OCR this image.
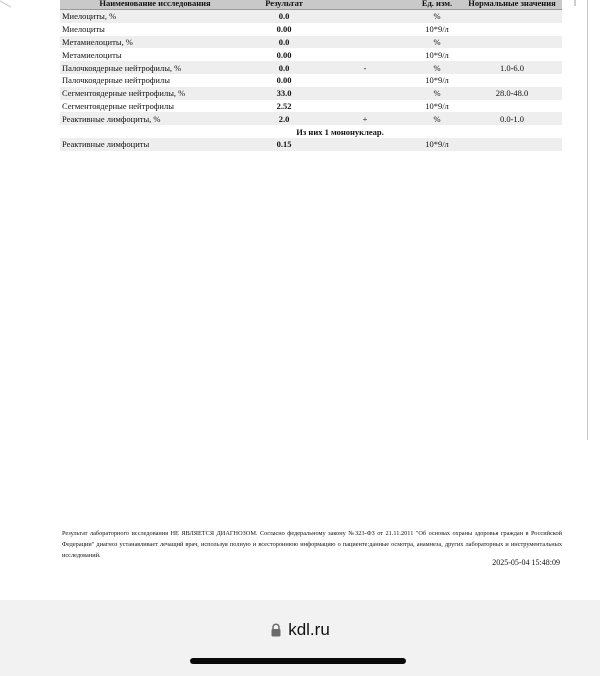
Наименование исследования	Результат		Ед. изм.	Нормальные значения
Миелоциты, %	0.0		%	
Миелоциты	0.00		10*9/л	
Метамиелоциты, %	0.0		%	
Метамиелоциты	0.00		10*9/л	
Палочкоядерные нейтрофилы, %	0.0	-	%	1.0-6.0
Палочкоядерные нейтрофилы	0.00		10*9/л	
Сегментоядерные нейтрофилы, %	33.0		%	28.0-48.0
Сегментоядерные нейтрофилы	2.52		10*9/л	
Реактивные лимфоциты, %	2.0	+	%	0.0-1.0
Из них 1 мононуклеар.				
Реактивные лимфоциты	0.15		10*9/л	

Результат лабораторного исследования НЕ ЯВЛЯЕТСЯ ДИАГНОЗОМ. Согласно федеральному закону №323-ФЗ от 21.11.2011 "Об основах охраны здоровья граждан в Российской Федерации" диагноз устанавливает лечащий врач, используя полную и всестороннюю информацию о пациенте:данные осмотра, анамнеза, других лабораторных и инструментальных исследований.

2025-05-04 15:48:09
kdl.ru
